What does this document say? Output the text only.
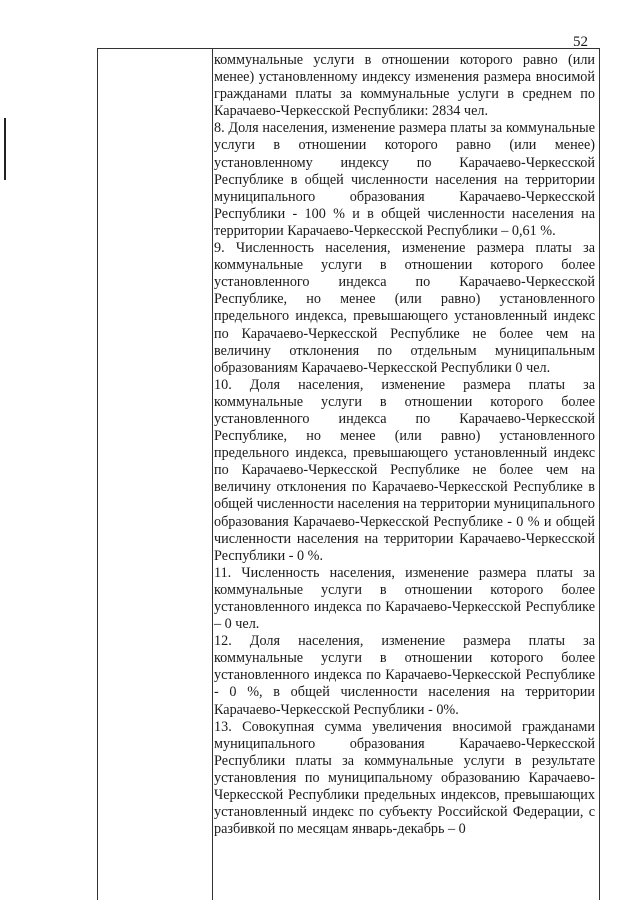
52

коммунальные услуги в отношении которого равно (или менее) установленному индексу изменения размера вносимой гражданами платы за коммунальные услуги в среднем по Карачаево-Черкесской Республики: 2834 чел.

8. Доля населения, изменение размера платы за коммунальные услуги в отношении которого равно (или менее) установленному индексу по Карачаево-Черкесской Республике в общей численности населения на территории муниципального образования Карачаево-Черкесской Республики - 100 % и в общей численности населения на территории Карачаево-Черкесской Республики – 0,61 %.

9. Численность населения, изменение размера платы за коммунальные услуги в отношении которого более установленного индекса по Карачаево-Черкесской Республике, но менее (или равно) установленного предельного индекса, превышающего установленный индекс по Карачаево-Черкесской Республике не более чем на величину отклонения по отдельным муниципальным образованиям Карачаево-Черкесской Республики 0 чел.

10. Доля населения, изменение размера платы за коммунальные услуги в отношении которого более установленного индекса по Карачаево-Черкесской Республике, но менее (или равно) установленного предельного индекса, превышающего установленный индекс по Карачаево-Черкесской Республике не более чем на величину отклонения по Карачаево-Черкесской Республике в общей численности населения на территории муниципального образования Карачаево-Черкесской Республике - 0 % и общей численности населения на территории Карачаево-Черкесской Республики - 0 %.

11. Численность населения, изменение размера платы за коммунальные услуги в отношении которого более установленного индекса по Карачаево-Черкесской Республике – 0 чел.

12. Доля населения, изменение размера платы за коммунальные услуги в отношении которого более установленного индекса по Карачаево-Черкесской Республике - 0 %, в общей численности населения на территории Карачаево-Черкесской Республики - 0%.

13. Совокупная сумма увеличения вносимой гражданами муниципального образования Карачаево-Черкесской Республики платы за коммунальные услуги в результате установления по муниципальному образованию Карачаево-Черкесской Республики предельных индексов, превышающих установленный индекс по субъекту Российской Федерации, с разбивкой по месяцам январь-декабрь – 0
